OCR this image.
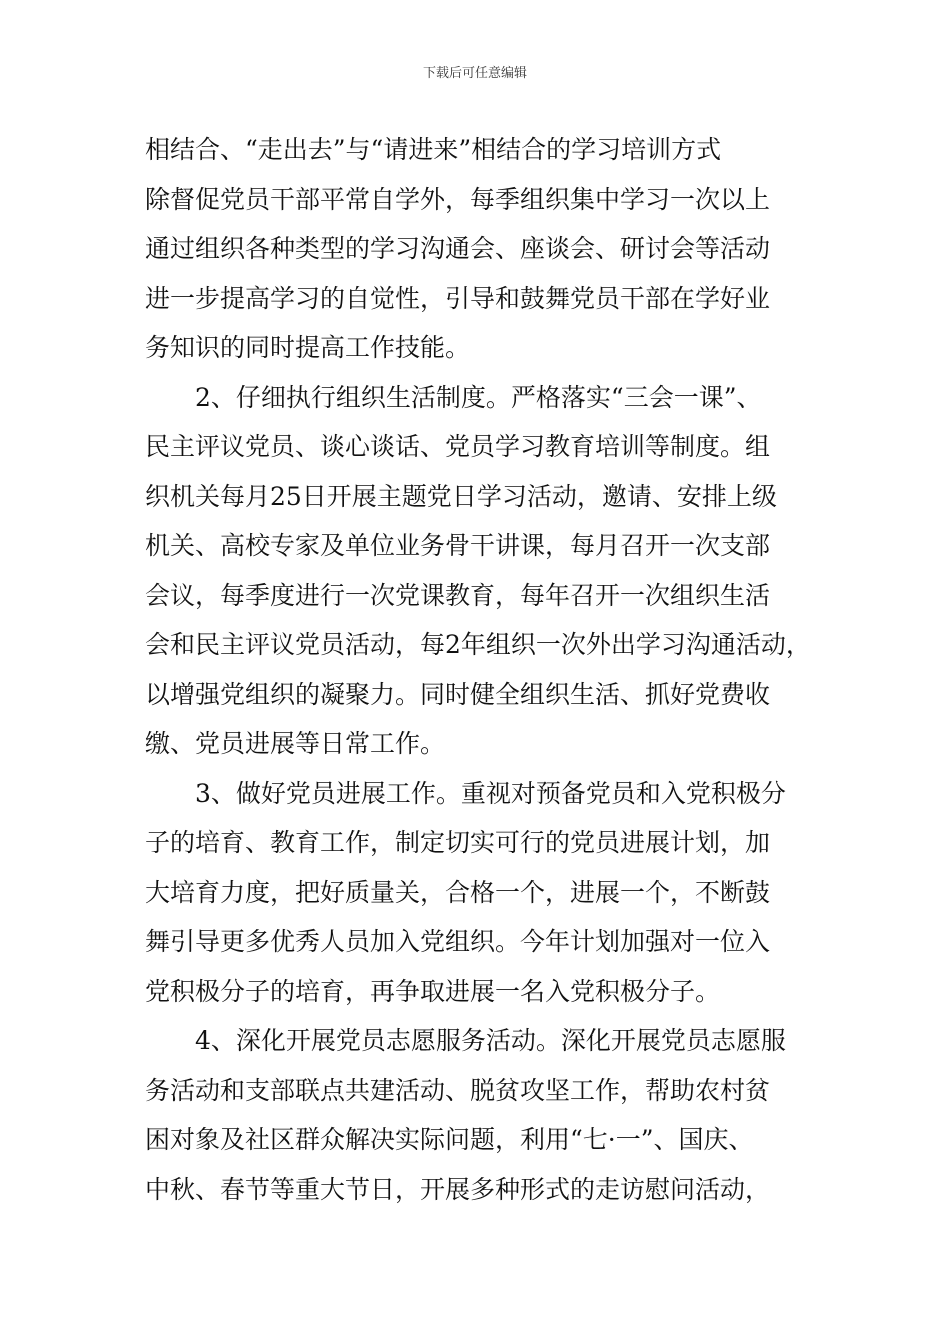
下载后可任意编辑
相结合、“走出去”与“请进来”相结合的学习培训方式
除督促党员干部平常自学外，每季组织集中学习一次以上
通过组织各种类型的学习沟通会、座谈会、研讨会等活动
进一步提高学习的自觉性，引导和鼓舞党员干部在学好业
务知识的同时提高工作技能。
2、仔细执行组织生活制度。严格落实“三会一课”、
民主评议党员、谈心谈话、党员学习教育培训等制度。组
织机关每月25日开展主题党日学习活动，邀请、安排上级
机关、高校专家及单位业务骨干讲课，每月召开一次支部
会议，每季度进行一次党课教育，每年召开一次组织生活
会和民主评议党员活动，每2年组织一次外出学习沟通活动，
以增强党组织的凝聚力。同时健全组织生活、抓好党费收
缴、党员进展等日常工作。
3、做好党员进展工作。重视对预备党员和入党积极分
子的培育、教育工作，制定切实可行的党员进展计划，加
大培育力度，把好质量关，合格一个，进展一个，不断鼓
舞引导更多优秀人员加入党组织。今年计划加强对一位入
党积极分子的培育，再争取进展一名入党积极分子。
4、深化开展党员志愿服务活动。深化开展党员志愿服
务活动和支部联点共建活动、脱贫攻坚工作，帮助农村贫
困对象及社区群众解决实际问题，利用“七·一”、国庆、
中秋、春节等重大节日，开展多种形式的走访慰问活动，
